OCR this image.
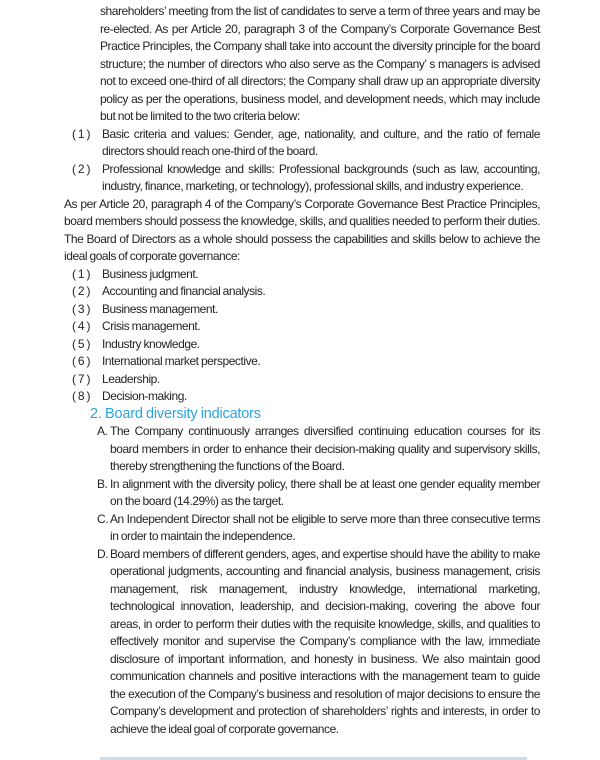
shareholders’ meeting from the list of candidates to serve a term of three years and may be re-elected. As per Article 20, paragraph 3 of the Company’s Corporate Governance Best Practice Principles, the Company shall take into account the diversity principle for the board structure; the number of directors who also serve as the Company’ s managers is advised not to exceed one-third of all directors; the Company shall draw up an appropriate diversity policy as per the operations, business model, and development needs, which may include but not be limited to the two criteria below:

( 1 ) Basic criteria and values: Gender, age, nationality, and culture, and the ratio of female directors should reach one-third of the board.
( 2 ) Professional knowledge and skills: Professional backgrounds (such as law, accounting, industry, finance, marketing, or technology), professional skills, and industry experience.

As per Article 20, paragraph 4 of the Company’s Corporate Governance Best Practice Principles, board members should possess the knowledge, skills, and qualities needed to perform their duties. The Board of Directors as a whole should possess the capabilities and skills below to achieve the ideal goals of corporate governance:

( 1 ) Business judgment.
( 2 ) Accounting and financial analysis.
( 3 ) Business management.
( 4 ) Crisis management.
( 5 ) Industry knowledge.
( 6 ) International market perspective.
( 7 ) Leadership.
( 8 ) Decision-making.

2. Board diversity indicators

A. The Company continuously arranges diversified continuing education courses for its board members in order to enhance their decision-making quality and supervisory skills, thereby strengthening the functions of the Board.
B. In alignment with the diversity policy, there shall be at least one gender equality member on the board (14.29%) as the target.
C. An Independent Director shall not be eligible to serve more than three consecutive terms in order to maintain the independence.
D. Board members of different genders, ages, and expertise should have the ability to make operational judgments, accounting and financial analysis, business management, crisis management, risk management, industry knowledge, international marketing, technological innovation, leadership, and decision-making, covering the above four areas, in order to perform their duties with the requisite knowledge, skills, and qualities to effectively monitor and supervise the Company’s compliance with the law, immediate disclosure of important information, and honesty in business. We also maintain good communication channels and positive interactions with the management team to guide the execution of the Company’s business and resolution of major decisions to ensure the Company’s development and protection of shareholders’ rights and interests, in order to achieve the ideal goal of corporate governance.
